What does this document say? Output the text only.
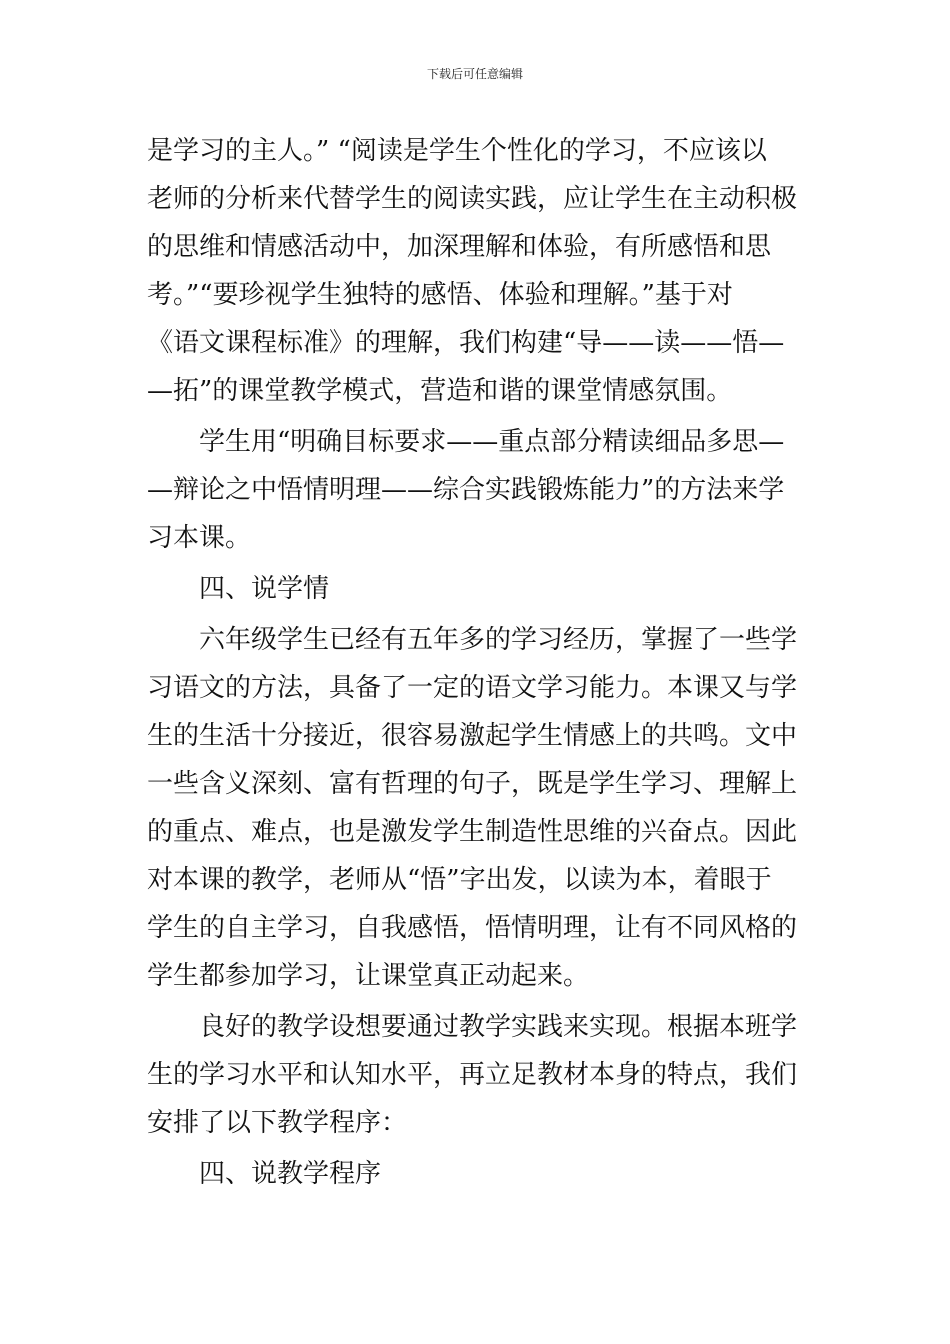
下载后可任意编辑
是学习的主人。” “阅读是学生个性化的学习，不应该以
老师的分析来代替学生的阅读实践，应让学生在主动积极
的思维和情感活动中，加深理解和体验，有所感悟和思
考。”“要珍视学生独特的感悟、体验和理解。”基于对
《语文课程标准》的理解，我们构建“导——读——悟—
—拓”的课堂教学模式，营造和谐的课堂情感氛围。
学生用“明确目标要求——重点部分精读细品多思—
—辩论之中悟情明理——综合实践锻炼能力”的方法来学
习本课。
四、说学情
六年级学生已经有五年多的学习经历，掌握了一些学
习语文的方法，具备了一定的语文学习能力。本课又与学
生的生活十分接近，很容易激起学生情感上的共鸣。文中
一些含义深刻、富有哲理的句子，既是学生学习、理解上
的重点、难点，也是激发学生制造性思维的兴奋点。因此
对本课的教学，老师从“悟”字出发，以读为本，着眼于
学生的自主学习，自我感悟，悟情明理，让有不同风格的
学生都参加学习，让课堂真正动起来。
良好的教学设想要通过教学实践来实现。根据本班学
生的学习水平和认知水平，再立足教材本身的特点，我们
安排了以下教学程序：
四、说教学程序
